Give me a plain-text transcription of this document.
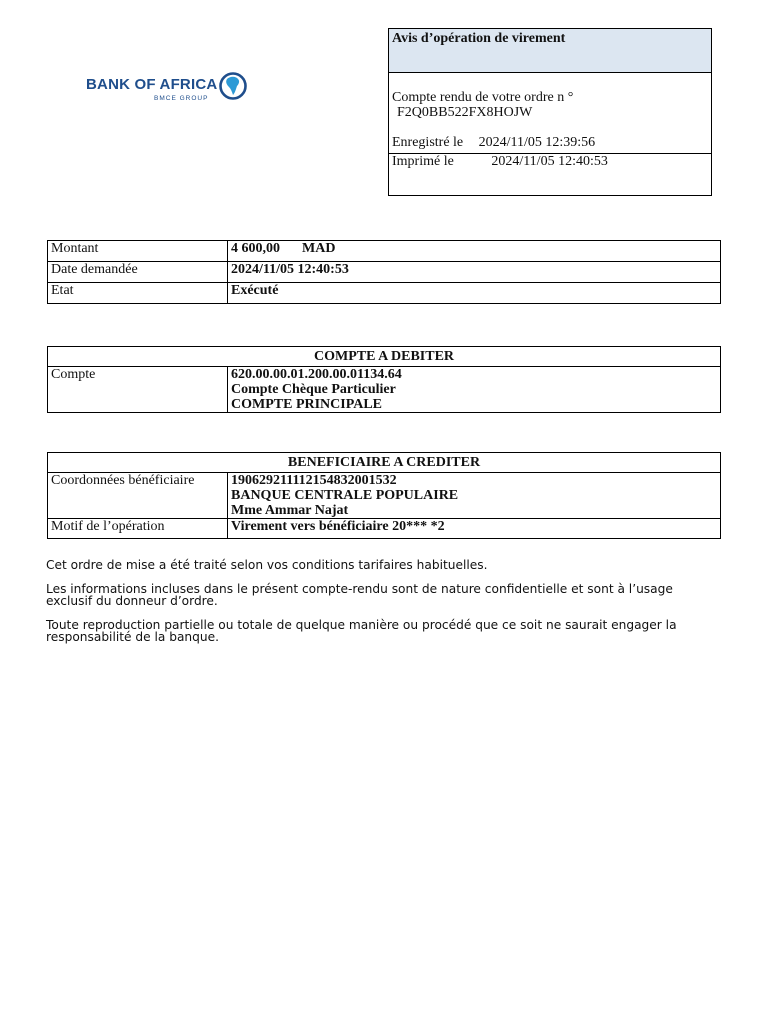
BANK OF AFRICA
BMCE GROUP
Avis d’opération de virement
Compte rendu de votre ordre n °
F2Q0BB522FX8HOJW
Enregistré le 2024/11/05 12:39:56
Imprimé le	2024/11/05 12:40:53
Montant	4 600,00 MAD
Date demandée	2024/11/05 12:40:53
Etat	Exécuté
COMPTE A DEBITER
Compte	620.00.00.01.200.00.01134.64
Compte Chèque Particulier
COMPTE PRINCIPALE
BENEFICIAIRE A CREDITER	
Coordonnées bénéficiaire	190629211112154832001532
BANQUE CENTRALE POPULAIRE
Mme Ammar Najat

Motif de l’opération	Virement vers bénéficiaire 20*** *2

Cet ordre de mise a été traité selon vos conditions tarifaires habituelles.

Les informations incluses dans le présent compte-rendu sont de nature confidentielle et sont à l’usage exclusif du donneur d’ordre.

Toute reproduction partielle ou totale de quelque manière ou procédé que ce soit ne saurait engager la responsabilité de la banque.
